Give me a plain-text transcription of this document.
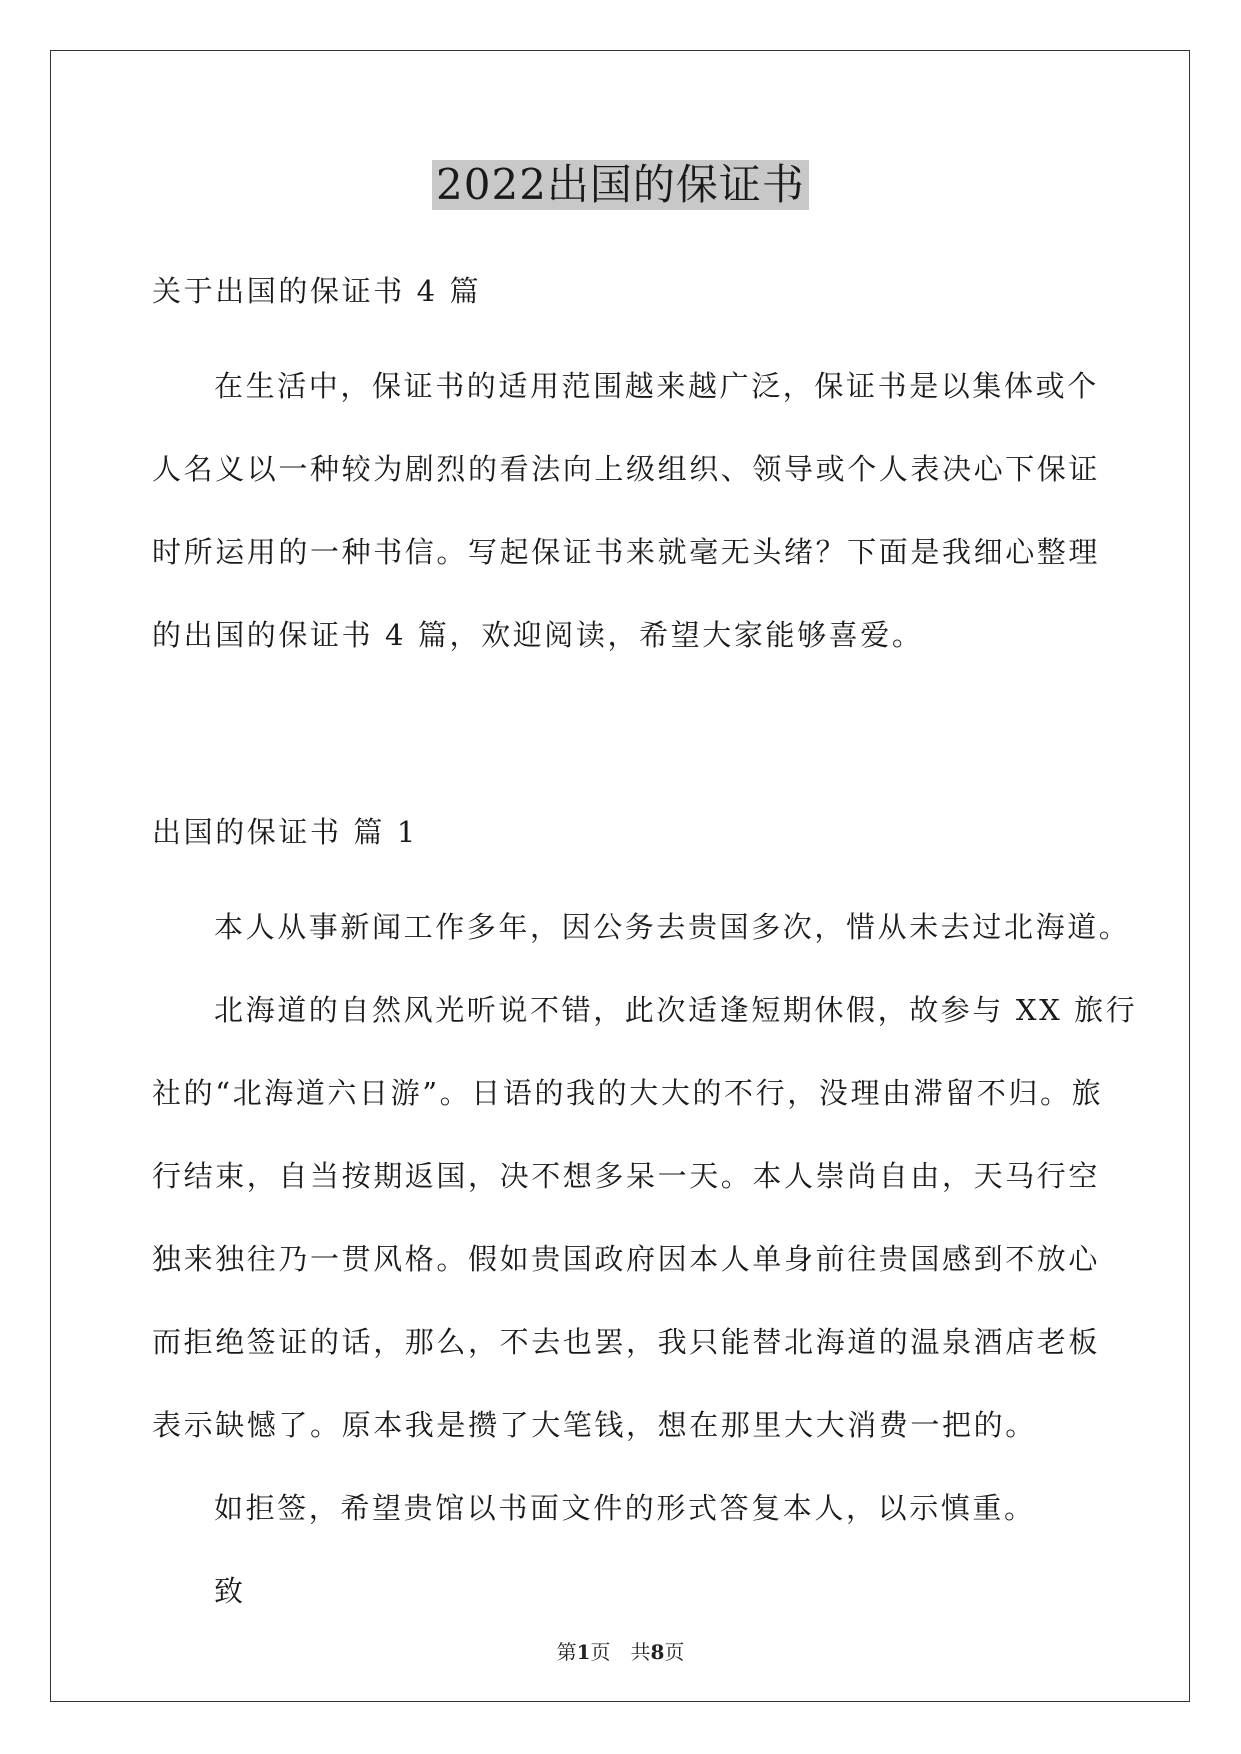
2022出国的保证书

关于出国的保证书 4 篇

在生活中，保证书的适用范围越来越广泛，保证书是以集体或个

人名义以一种较为剧烈的看法向上级组织、领导或个人表决心下保证

时所运用的一种书信。写起保证书来就毫无头绪？下面是我细心整理

的出国的保证书 4 篇，欢迎阅读，希望大家能够喜爱。

出国的保证书 篇 1

本人从事新闻工作多年，因公务去贵国多次，惜从未去过北海道。

北海道的自然风光听说不错，此次适逢短期休假，故参与 XX 旅行

社的“北海道六日游”。日语的我的大大的不行，没理由滞留不归。旅

行结束，自当按期返国，决不想多呆一天。本人崇尚自由，天马行空

独来独往乃一贯风格。假如贵国政府因本人单身前往贵国感到不放心

而拒绝签证的话，那么，不去也罢，我只能替北海道的温泉酒店老板

表示缺憾了。原本我是攒了大笔钱，想在那里大大消费一把的。

如拒签，希望贵馆以书面文件的形式答复本人，以示慎重。

致

第1页　共8页
